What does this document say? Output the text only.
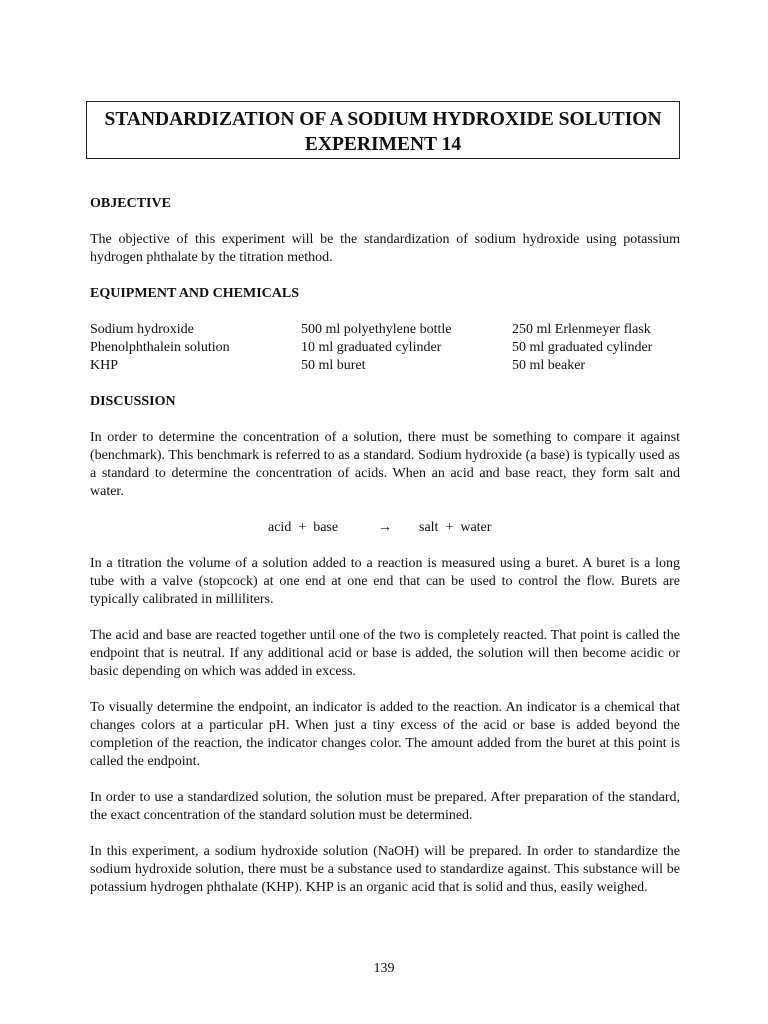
STANDARDIZATION OF A SODIUM HYDROXIDE SOLUTION
EXPERIMENT 14
OBJECTIVE

The objective of this experiment will be the standardization of sodium hydroxide using potassium hydrogen phthalate by the titration method.

EQUIPMENT AND CHEMICALS
Sodium hydroxide	500 ml polyethylene bottle	250 ml Erlenmeyer flask
Phenolphthalein solution	10 ml graduated cylinder	50 ml graduated cylinder
KHP	50 ml buret	50 ml beaker
DISCUSSION

In order to determine the concentration of a solution, there must be something to compare it against (benchmark). This benchmark is referred to as a standard. Sodium hydroxide (a base) is typically used as a standard to determine the concentration of acids. When an acid and base react, they form salt and water.

acid  +  base	→ salt  +  water

In a titration the volume of a solution added to a reaction is measured using a buret. A buret is a long tube with a valve (stopcock) at one end at one end that can be used to control the flow. Burets are typically calibrated in milliliters.

The acid and base are reacted together until one of the two is completely reacted. That point is called the endpoint that is neutral. If any additional acid or base is added, the solution will then become acidic or basic depending on which was added in excess.

To visually determine the endpoint, an indicator is added to the reaction. An indicator is a chemical that changes colors at a particular pH. When just a tiny excess of the acid or base is added beyond the completion of the reaction, the indicator changes color. The amount added from the buret at this point is called the endpoint.

In order to use a standardized solution, the solution must be prepared. After preparation of the standard, the exact concentration of the standard solution must be determined.

In this experiment, a sodium hydroxide solution (NaOH) will be prepared. In order to standardize the sodium hydroxide solution, there must be a substance used to standardize against. This substance will be potassium hydrogen phthalate (KHP). KHP is an organic acid that is solid and thus, easily weighed.

139
